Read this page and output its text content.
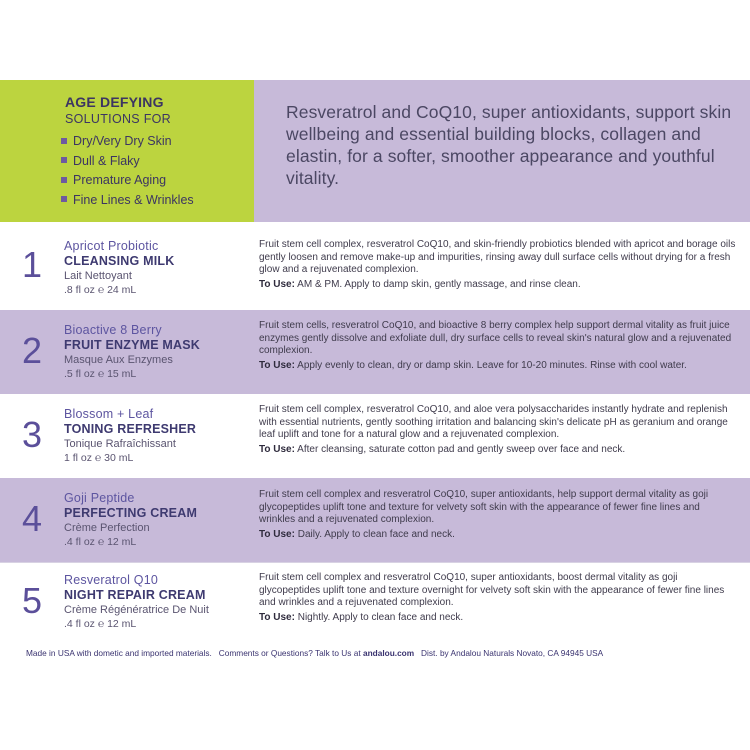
AGE DEFYING
SOLUTIONS FOR
Dry/Very Dry Skin
Dull & Flaky
Premature Aging
Fine Lines & Wrinkles
Resveratrol and CoQ10, super antioxidants, support skin wellbeing and essential building blocks, collagen and elastin, for a softer, smoother appearance and youthful vitality.
1 Apricot Probiotic
CLEANSING MILK
Lait Nettoyant
.8 fl oz ℮ 24 mL
Fruit stem cell complex, resveratrol CoQ10, and skin-friendly probiotics blended with apricot and borage oils gently loosen and remove make-up and impurities, rinsing away dull surface cells without drying for a fresh glow and a rejuvenated complexion.
To Use: AM & PM. Apply to damp skin, gently massage, and rinse clean.
2 Bioactive 8 Berry
FRUIT ENZYME MASK
Masque Aux Enzymes
.5 fl oz ℮ 15 mL
Fruit stem cells, resveratrol CoQ10, and bioactive 8 berry complex help support dermal vitality as fruit juice enzymes gently dissolve and exfoliate dull, dry surface cells to reveal skin's natural glow and a rejuvenated complexion.
To Use: Apply evenly to clean, dry or damp skin. Leave for 10-20 minutes. Rinse with cool water.
3 Blossom + Leaf
TONING REFRESHER
Tonique Rafraîchissant
1 fl oz ℮ 30 mL
Fruit stem cell complex, resveratrol CoQ10, and aloe vera polysaccharides instantly hydrate and replenish with essential nutrients, gently soothing irritation and balancing skin's delicate pH as geranium and orange leaf uplift and tone for a natural glow and a rejuvenated complexion.
To Use: After cleansing, saturate cotton pad and gently sweep over face and neck.
4 Goji Peptide
PERFECTING CREAM
Crème Perfection
.4 fl oz ℮ 12 mL
Fruit stem cell complex and resveratrol CoQ10, super antioxidants, help support dermal vitality as goji glycopeptides uplift tone and texture for velvety soft skin with the appearance of fewer fine lines and wrinkles and a rejuvenated complexion.
To Use: Daily. Apply to clean face and neck.
5 Resveratrol Q10
NIGHT REPAIR CREAM
Crème Régénératrice De Nuit
.4 fl oz ℮ 12 mL
Fruit stem cell complex and resveratrol CoQ10, super antioxidants, boost dermal vitality as goji glycopeptides uplift tone and texture overnight for velvety soft skin with the appearance of fewer fine lines and wrinkles and a rejuvenated complexion.
To Use: Nightly. Apply to clean face and neck.
Made in USA with dometic and imported materials. Comments or Questions? Talk to Us at andalou.com Dist. by Andalou Naturals Novato, CA 94945 USA
